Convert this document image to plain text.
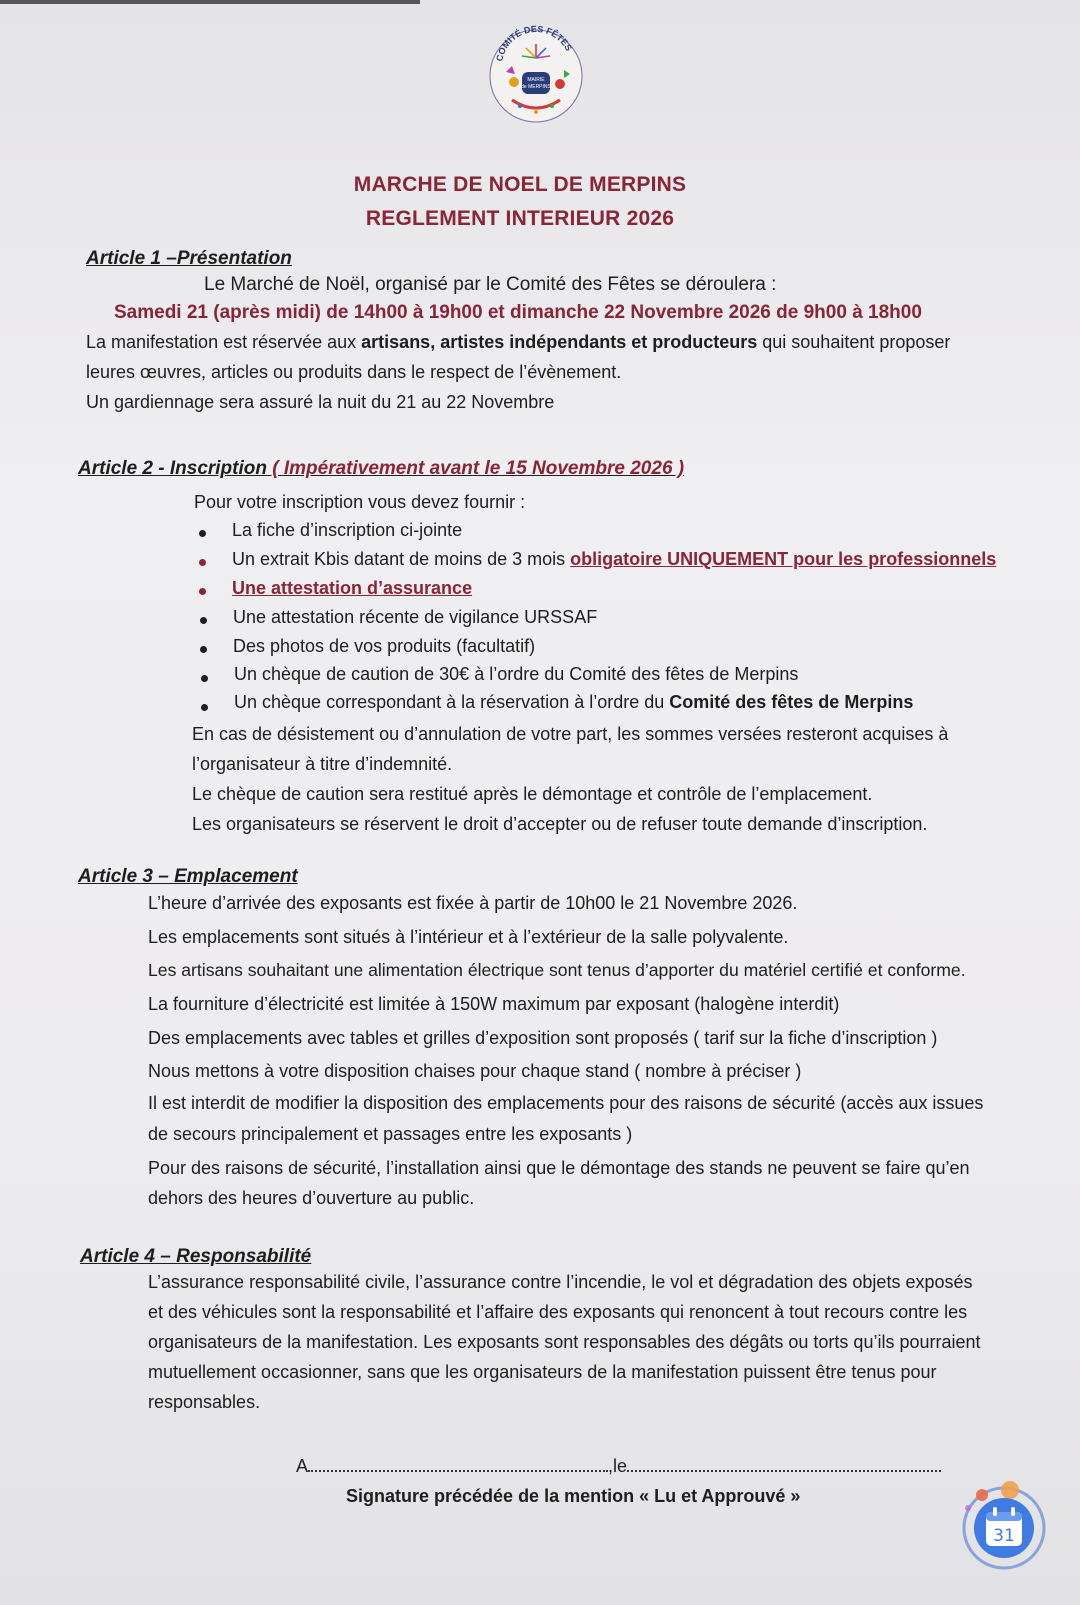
COMITÉ DES FÊTES
MAIRIE
de MERPINS
MARCHE DE NOEL DE MERPINS
REGLEMENT INTERIEUR 2026
Article 1 –Présentation
Le Marché de Noël, organisé par le Comité des Fêtes se déroulera :
Samedi 21 (après midi) de 14h00 à 19h00 et dimanche 22 Novembre 2026 de 9h00 à 18h00
La manifestation est réservée aux artisans, artistes indépendants et producteurs qui souhaitent proposer
leures œuvres, articles ou produits dans le respect de l’évènement.
Un gardiennage sera assuré la nuit du 21 au 22 Novembre
Article 2 - Inscription ( Impérativement avant le 15 Novembre 2026 )
Pour votre inscription vous devez fournir :
La fiche d’inscription ci-jointe
Un extrait Kbis datant de moins de 3 mois obligatoire UNIQUEMENT pour les professionnels
Une attestation d’assurance
Une attestation récente de vigilance URSSAF
Des photos de vos produits (facultatif)
Un chèque de caution de 30€ à l’ordre du Comité des fêtes de Merpins
Un chèque correspondant à la réservation à l’ordre du Comité des fêtes de Merpins
En cas de désistement ou d’annulation de votre part, les sommes versées resteront acquises à
l’organisateur à titre d’indemnité.
Le chèque de caution sera restitué après le démontage et contrôle de l’emplacement.
Les organisateurs se réservent le droit d’accepter ou de refuser toute demande d’inscription.
Article 3 – Emplacement
L’heure d’arrivée des exposants est fixée à partir de 10h00 le 21 Novembre 2026.
Les emplacements sont situés à l’intérieur et à l’extérieur de la salle polyvalente.
Les artisans souhaitant une alimentation électrique sont tenus d’apporter du matériel certifié et conforme.
La fourniture d’électricité est limitée à 150W maximum par exposant (halogène interdit)
Des emplacements avec tables et grilles d’exposition sont proposés ( tarif sur la fiche d’inscription )
Nous mettons à votre disposition chaises pour chaque stand ( nombre à préciser )
Il est interdit de modifier la disposition des emplacements pour des raisons de sécurité (accès aux issues
de secours principalement et passages entre les exposants )
Pour des raisons de sécurité, l’installation ainsi que le démontage des stands ne peuvent se faire qu’en
dehors des heures d’ouverture au public.
Article 4 – Responsabilité
L’assurance responsabilité civile, l’assurance contre l’incendie, le vol et dégradation des objets exposés
et des véhicules sont la responsabilité et l’affaire des exposants qui renoncent à tout recours contre les
organisateurs de la manifestation. Les exposants sont responsables des dégâts ou torts qu’ils pourraient
mutuellement occasionner, sans que les organisateurs de la manifestation puissent être tenus pour
responsables.
A	,le
Signature précédée de la mention « Lu et Approuvé »
31
